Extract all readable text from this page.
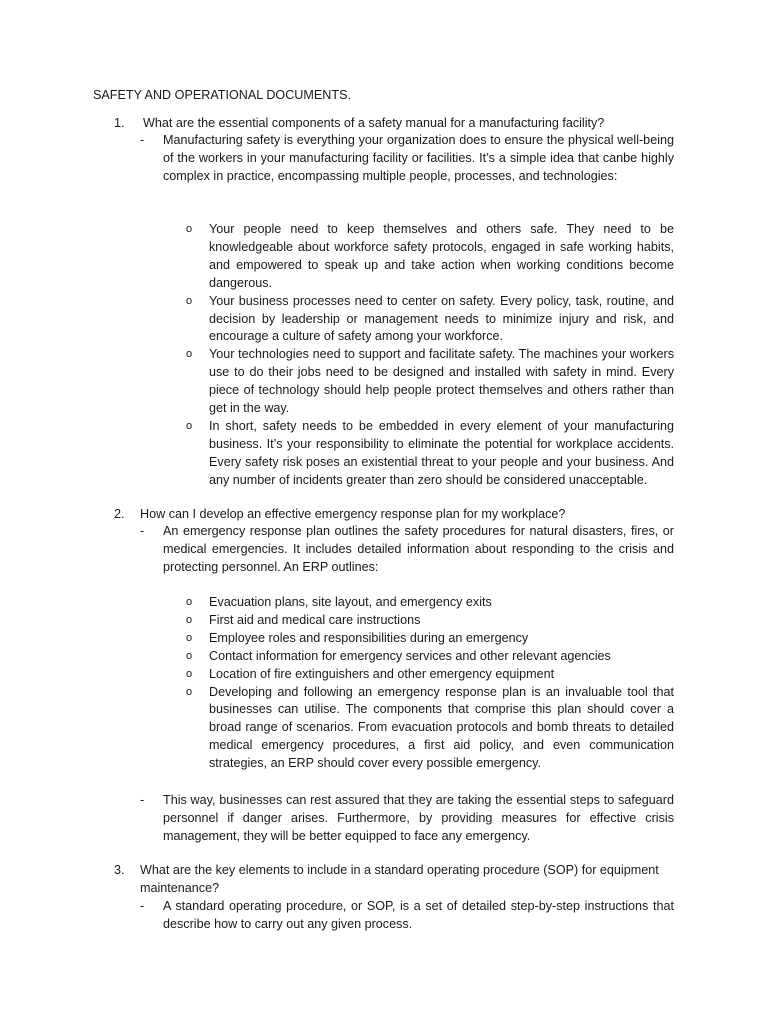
SAFETY AND OPERATIONAL DOCUMENTS.
1. What are the essential components of a safety manual for a manufacturing facility?
- Manufacturing safety is everything your organization does to ensure the physical well-being of the workers in your manufacturing facility or facilities. It’s a simple idea that canbe highly complex in practice, encompassing multiple people, processes, and technologies:
o Your people need to keep themselves and others safe. They need to be knowledgeable about workforce safety protocols, engaged in safe working habits, and empowered to speak up and take action when working conditions become dangerous.
o Your business processes need to center on safety. Every policy, task, routine, and decision by leadership or management needs to minimize injury and risk, and encourage a culture of safety among your workforce.
o Your technologies need to support and facilitate safety. The machines your workers use to do their jobs need to be designed and installed with safety in mind. Every piece of technology should help people protect themselves and others rather than get in the way.
o In short, safety needs to be embedded in every element of your manufacturing business. It’s your responsibility to eliminate the potential for workplace accidents. Every safety risk poses an existential threat to your people and your business. And any number of incidents greater than zero should be considered unacceptable.
2. How can I develop an effective emergency response plan for my workplace?
- An emergency response plan outlines the safety procedures for natural disasters, fires, or medical emergencies. It includes detailed information about responding to the crisis and protecting personnel. An ERP outlines:
o Evacuation plans, site layout, and emergency exits
o First aid and medical care instructions
o Employee roles and responsibilities during an emergency
o Contact information for emergency services and other relevant agencies
o Location of fire extinguishers and other emergency equipment
o Developing and following an emergency response plan is an invaluable tool that businesses can utilise. The components that comprise this plan should cover a broad range of scenarios. From evacuation protocols and bomb threats to detailed medical emergency procedures, a first aid policy, and even communication strategies, an ERP should cover every possible emergency.
- This way, businesses can rest assured that they are taking the essential steps to safeguard personnel if danger arises. Furthermore, by providing measures for effective crisis management, they will be better equipped to face any emergency.
3. What are the key elements to include in a standard operating procedure (SOP) for equipment maintenance?
- A standard operating procedure, or SOP, is a set of detailed step-by-step instructions that describe how to carry out any given process.
